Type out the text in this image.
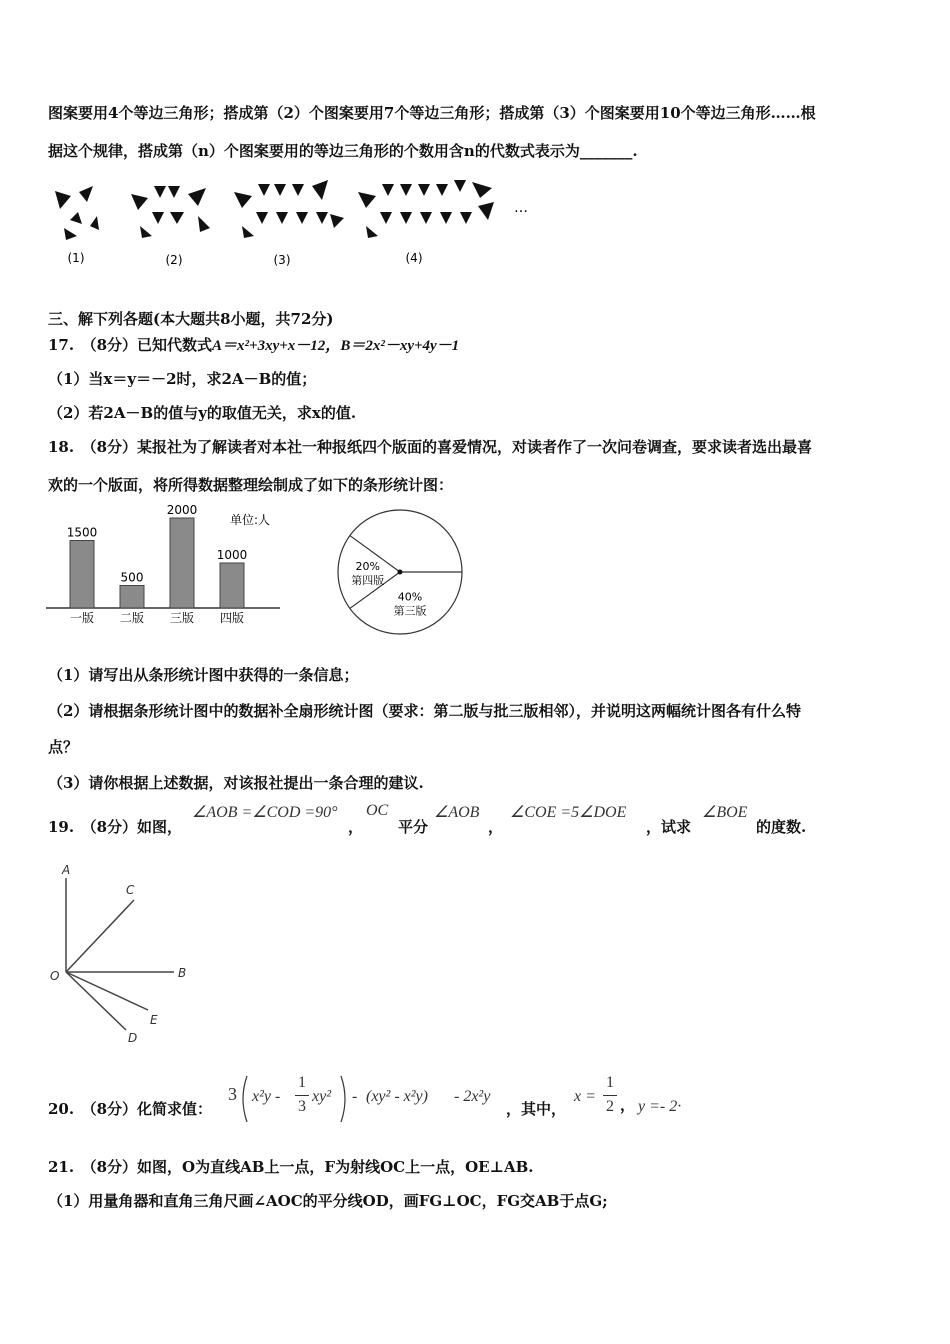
图案要用4个等边三角形；搭成第（2）个图案要用7个等边三角形；搭成第（3）个图案要用10个等边三角形……根
据这个规律，搭成第（n）个图案要用的等边三角形的个数用含n的代数式表示为_______.
(1)	(2)	(3)	(4)
…
三、解下列各题(本大题共8小题，共72分)
17.　（8分）已知代数式A＝x²+3xy+x－12，B＝2x²－xy+4y－1
（1）当x＝y＝－2时，求2A－B的值；
（2）若2A－B的值与y的取值无关，求x的值.
18.　（8分）某报社为了解读者对本社一种报纸四个版面的喜爱情况，对读者作了一次问卷调查，要求读者选出最喜
欢的一个版面，将所得数据整理绘制成了如下的条形统计图：
单位:人
1500
一版
500
二版
2000
三版
1000
四版
40%
第三版
20%
第四版
（1）请写出从条形统计图中获得的一条信息；
（2）请根据条形统计图中的数据补全扇形统计图（要求：第二版与批三版相邻），并说明这两幅统计图各有什么特
点？
（3）请你根据上述数据，对该报社提出一条合理的建议.
19.　（8分）如图，
∠AOB =∠COD =90°
，
OC
平分
∠AOB
，
∠COE =5∠DOE
，试求
∠BOE
的度数.
A
C
B
E
D
O
20.　（8分）化简求值：
3 x²y -
1
3
xy² - (xy² - x²y) - 2x²y
，其中，
x =
1
2 ， y =- 2·
21.　（8分）如图，O为直线AB上一点，F为射线OC上一点，OE⊥AB.
（1）用量角器和直角三角尺画∠AOC的平分线OD，画FG⊥OC，FG交AB于点G;
